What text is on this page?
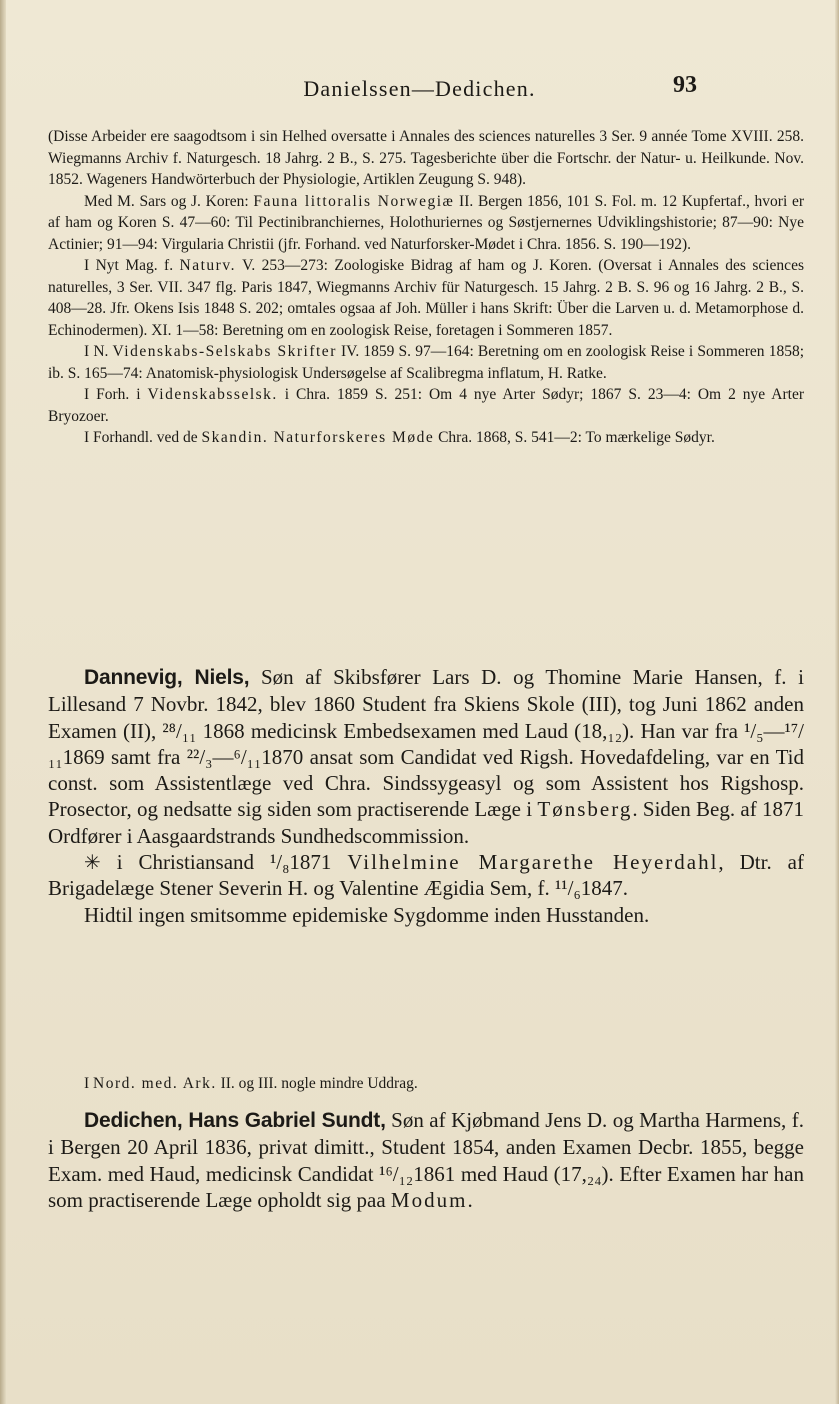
Danielssen—Dedichen.	93

(Disse Arbeider ere saagodtsom i sin Helhed oversatte i Annales des sciences naturelles 3 Ser. 9 année Tome XVIII. 258. Wiegmanns Archiv f. Naturgesch. 18 Jahrg. 2 B., S. 275. Tagesberichte über die Fortschr. der Natur- u. Heilkunde. Nov. 1852. Wageners Handwörterbuch der Physiologie, Artiklen Zeugung S. 948).

Med M. Sars og J. Koren: Fauna littoralis Norwegiæ II. Bergen 1856, 101 S. Fol. m. 12 Kupfertaf., hvori er af ham og Koren S. 47—60: Til Pectinibranchiernes, Holothuriernes og Søstjernernes Udviklingshistorie; 87—90: Nye Actinier; 91—94: Virgularia Christii (jfr. Forhand. ved Naturforsker-Mødet i Chra. 1856. S. 190—192).

I Nyt Mag. f. Naturv. V. 253—273: Zoologiske Bidrag af ham og J. Koren. (Oversat i Annales des sciences naturelles, 3 Ser. VII. 347 flg. Paris 1847, Wiegmanns Archiv für Naturgesch. 15 Jahrg. 2 B. S. 96 og 16 Jahrg. 2 B., S. 408—28. Jfr. Okens Isis 1848 S. 202; omtales ogsaa af Joh. Müller i hans Skrift: Über die Larven u. d. Metamorphose d. Echinodermen). XI. 1—58: Beretning om en zoologisk Reise, foretagen i Sommeren 1857.

I N. Videnskabs-Selskabs Skrifter IV. 1859 S. 97—164: Beretning om en zoologisk Reise i Sommeren 1858; ib. S. 165—74: Anatomisk-physiologisk Undersøgelse af Scalibregma inflatum, H. Ratke.

I Forh. i Videnskabsselsk. i Chra. 1859 S. 251: Om 4 nye Arter Sødyr; 1867 S. 23—4: Om 2 nye Arter Bryozoer.

I Forhandl. ved de Skandin. Naturforskeres Møde Chra. 1868, S. 541—2: To mærkelige Sødyr.

Dannevig, Niels, Søn af Skibsfører Lars D. og Thomine Marie Hansen, f. i Lillesand 7 Novbr. 1842, blev 1860 Student fra Skiens Skole (III), tog Juni 1862 anden Examen (II), ²⁸/₁₁ 1868 medicinsk Embedsexamen med Laud (18,₁₂). Han var fra ¹/₅—¹⁷/₁₁1869 samt fra ²²/₃—⁶/₁₁1870 ansat som Candidat ved Rigsh. Hovedafdeling, var en Tid const. som Assistentlæge ved Chra. Sindssygeasyl og som Assistent hos Rigshosp. Prosector, og nedsatte sig siden som practiserende Læge i Tønsberg. Siden Beg. af 1871 Ordfører i Aasgaardstrands Sundhedscommission.

✳ i Christiansand ¹/₈1871 Vilhelmine Margarethe Heyerdahl, Dtr. af Brigadelæge Stener Severin H. og Valentine Ægidia Sem, f. ¹¹/₆1847.

Hidtil ingen smitsomme epidemiske Sygdomme inden Husstanden.

I Nord. med. Ark. II. og III. nogle mindre Uddrag.

Dedichen, Hans Gabriel Sundt, Søn af Kjøbmand Jens D. og Martha Harmens, f. i Bergen 20 April 1836, privat dimitt., Student 1854, anden Examen Decbr. 1855, begge Exam. med Haud, medicinsk Candidat ¹⁶/₁₂1861 med Haud (17,₂₄). Efter Examen har han som practiserende Læge opholdt sig paa Modum.
